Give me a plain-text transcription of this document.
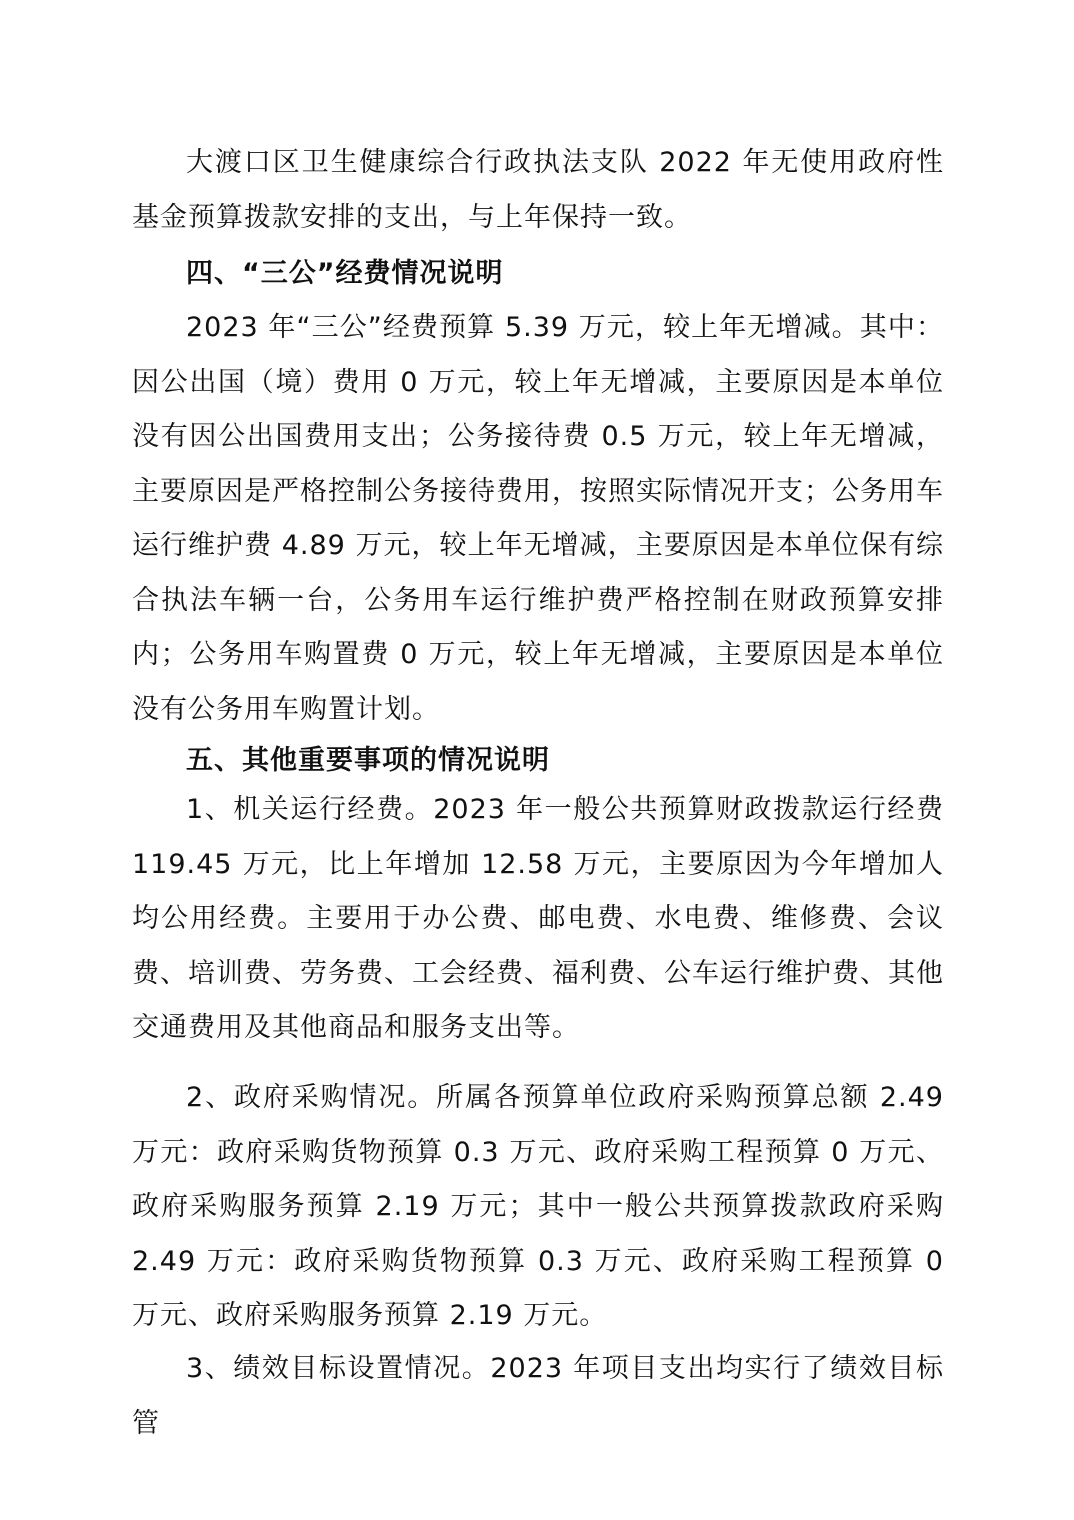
大渡口区卫生健康综合行政执法支队 2022 年无使用政府性基金预算拨款安排的支出，与上年保持一致。

四、“三公”经费情况说明

2023 年“三公”经费预算 5.39 万元，较上年无增减。其中：因公出国（境）费用 0 万元，较上年无增减，主要原因是本单位没有因公出国费用支出；公务接待费 0.5 万元，较上年无增减，主要原因是严格控制公务接待费用，按照实际情况开支；公务用车运行维护费 4.89 万元，较上年无增减，主要原因是本单位保有综合执法车辆一台，公务用车运行维护费严格控制在财政预算安排内；公务用车购置费 0 万元，较上年无增减，主要原因是本单位没有公务用车购置计划。

五、其他重要事项的情况说明

1、机关运行经费。2023 年一般公共预算财政拨款运行经费 119.45 万元，比上年增加 12.58 万元，主要原因为今年增加人均公用经费。主要用于办公费、邮电费、水电费、维修费、会议费、培训费、劳务费、工会经费、福利费、公车运行维护费、其他交通费用及其他商品和服务支出等。

2、政府采购情况。所属各预算单位政府采购预算总额 2.49 万元：政府采购货物预算 0.3 万元、政府采购工程预算 0 万元、政府采购服务预算 2.19 万元；其中一般公共预算拨款政府采购 2.49 万元：政府采购货物预算 0.3 万元、政府采购工程预算 0 万元、政府采购服务预算 2.19 万元。

3、绩效目标设置情况。2023 年项目支出均实行了绩效目标管
